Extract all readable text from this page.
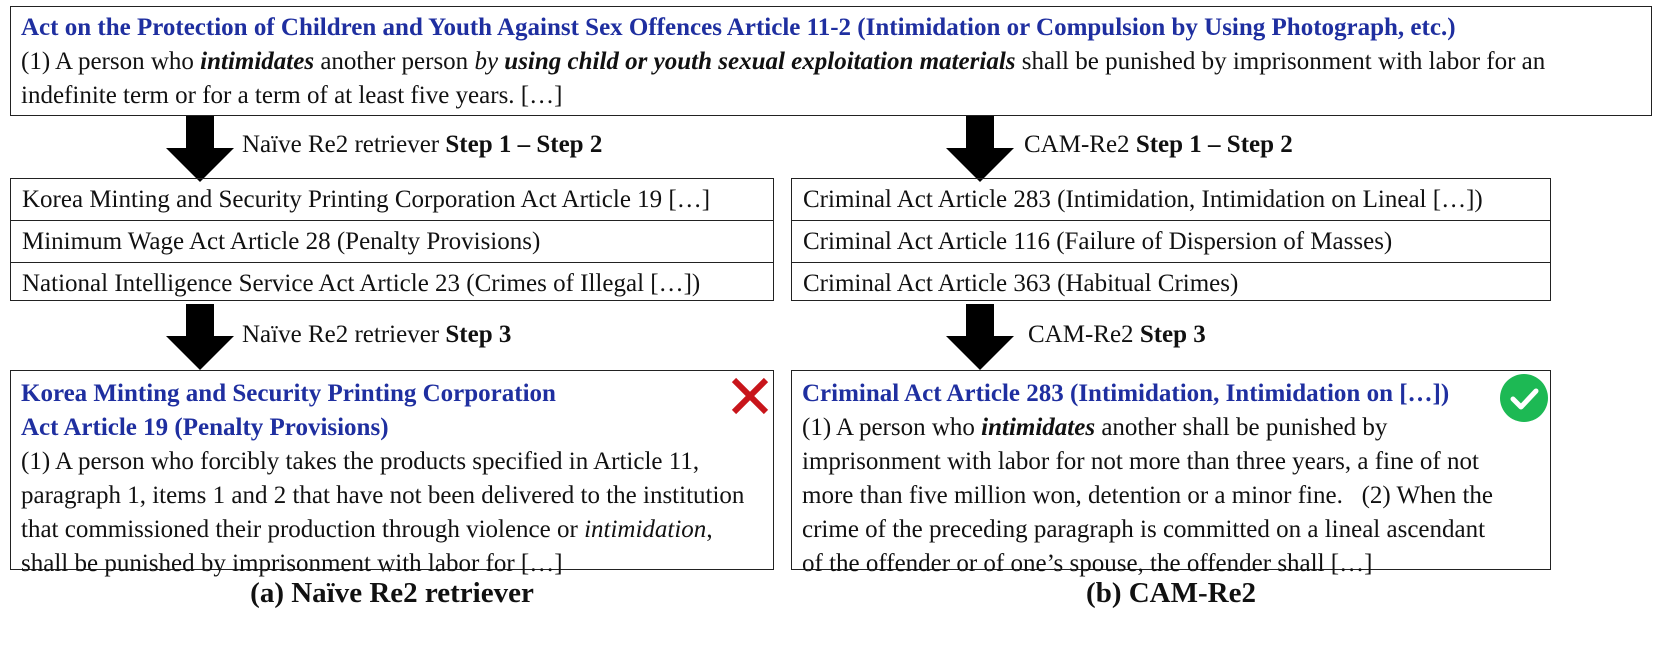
Act on the Protection of Children and Youth Against Sex Offences Article 11-2 (Intimidation or Compulsion by Using Photograph, etc.)
(1) A person who intimidates another person by using child or youth sexual exploitation materials shall be punished by imprisonment with labor for an indefinite term or for a term of at least five years. […]
Naïve Re2 retriever Step 1 – Step 2
Korea Minting and Security Printing Corporation Act Article 19 […]
Minimum Wage Act Article 28 (Penalty Provisions)
National Intelligence Service Act Article 23 (Crimes of Illegal […])
Naïve Re2 retriever Step 3
Korea Minting and Security Printing Corporation
Act Article 19 (Penalty Provisions)
(1) A person who forcibly takes the products specified in Article 11, paragraph 1, items 1 and 2 that have not been delivered to the institution that commissioned their production through violence or intimidation, shall be punished by imprisonment with labor for […]
(a) Naïve Re2 retriever
CAM-Re2 Step 1 – Step 2
Criminal Act Article 283 (Intimidation, Intimidation on Lineal […])
Criminal Act Article 116 (Failure of Dispersion of Masses)
Criminal Act Article 363 (Habitual Crimes)
CAM-Re2 Step 3
Criminal Act Article 283 (Intimidation, Intimidation on […])
(1) A person who intimidates another shall be punished by imprisonment with labor for not more than three years, a fine of not more than five million won, detention or a minor fine.   (2) When the crime of the preceding paragraph is committed on a lineal ascendant of the offender or of one’s spouse, the offender shall […]
(b) CAM-Re2
